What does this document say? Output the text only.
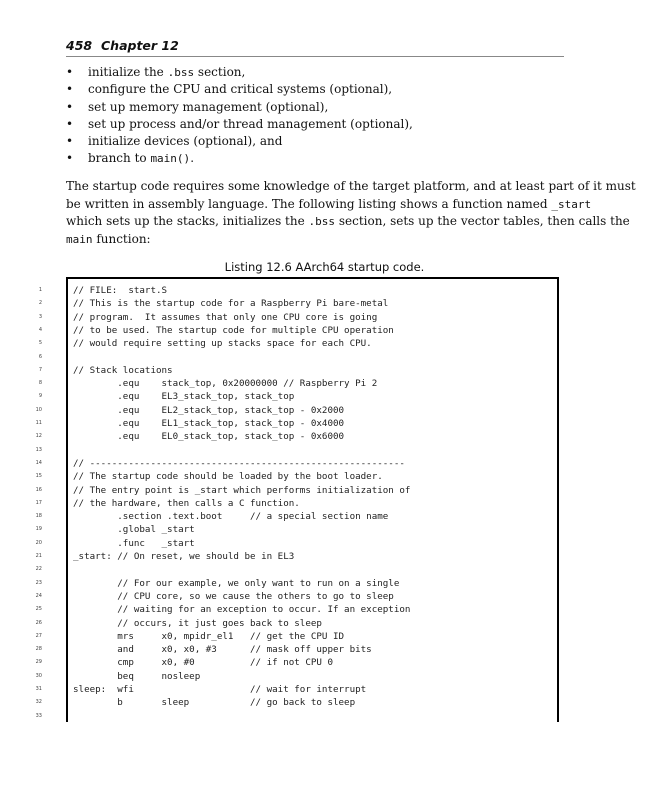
458 Chapter 12
• initialize the .bss section,
• configure the CPU and critical systems (optional),
• set up memory management (optional),
• set up process and/or thread management (optional),
• initialize devices (optional), and
• branch to main().
The startup code requires some knowledge of the target platform, and at least part of it must
be written in assembly language. The following listing shows a function named _start
which sets up the stacks, initializes the .bss section, sets up the vector tables, then calls the
main function:
Listing 12.6 AArch64 startup code.
1	// FILE:  start.S
2	// This is the startup code for a Raspberry Pi bare-metal
3	// program.  It assumes that only one CPU core is going
4	// to be used. The startup code for multiple CPU operation
5	// would require setting up stacks space for each CPU.
6
7	// Stack locations
8	.equ    stack_top, 0x20000000 // Raspberry Pi 2
9	.equ    EL3_stack_top, stack_top
10	.equ    EL2_stack_top, stack_top - 0x2000
11	.equ    EL1_stack_top, stack_top - 0x4000
12	.equ    EL0_stack_top, stack_top - 0x6000
13
14	// ---------------------------------------------------------
15	// The startup code should be loaded by the boot loader.
16	// The entry point is _start which performs initialization of
17	// the hardware, then calls a C function.
18	.section .text.boot     // a special section name
19	.global _start
20	.func   _start
21	_start: // On reset, we should be in EL3
22
23	// For our example, we only want to run on a single
24	// CPU core, so we cause the others to go to sleep
25	// waiting for an exception to occur. If an exception
26	// occurs, it just goes back to sleep
27	mrs     x0, mpidr_el1   // get the CPU ID
28	and     x0, x0, #3      // mask off upper bits
29	cmp     x0, #0          // if not CPU 0
30	beq     nosleep
31	sleep:  wfi                     // wait for interrupt
32	b       sleep           // go back to sleep
33
